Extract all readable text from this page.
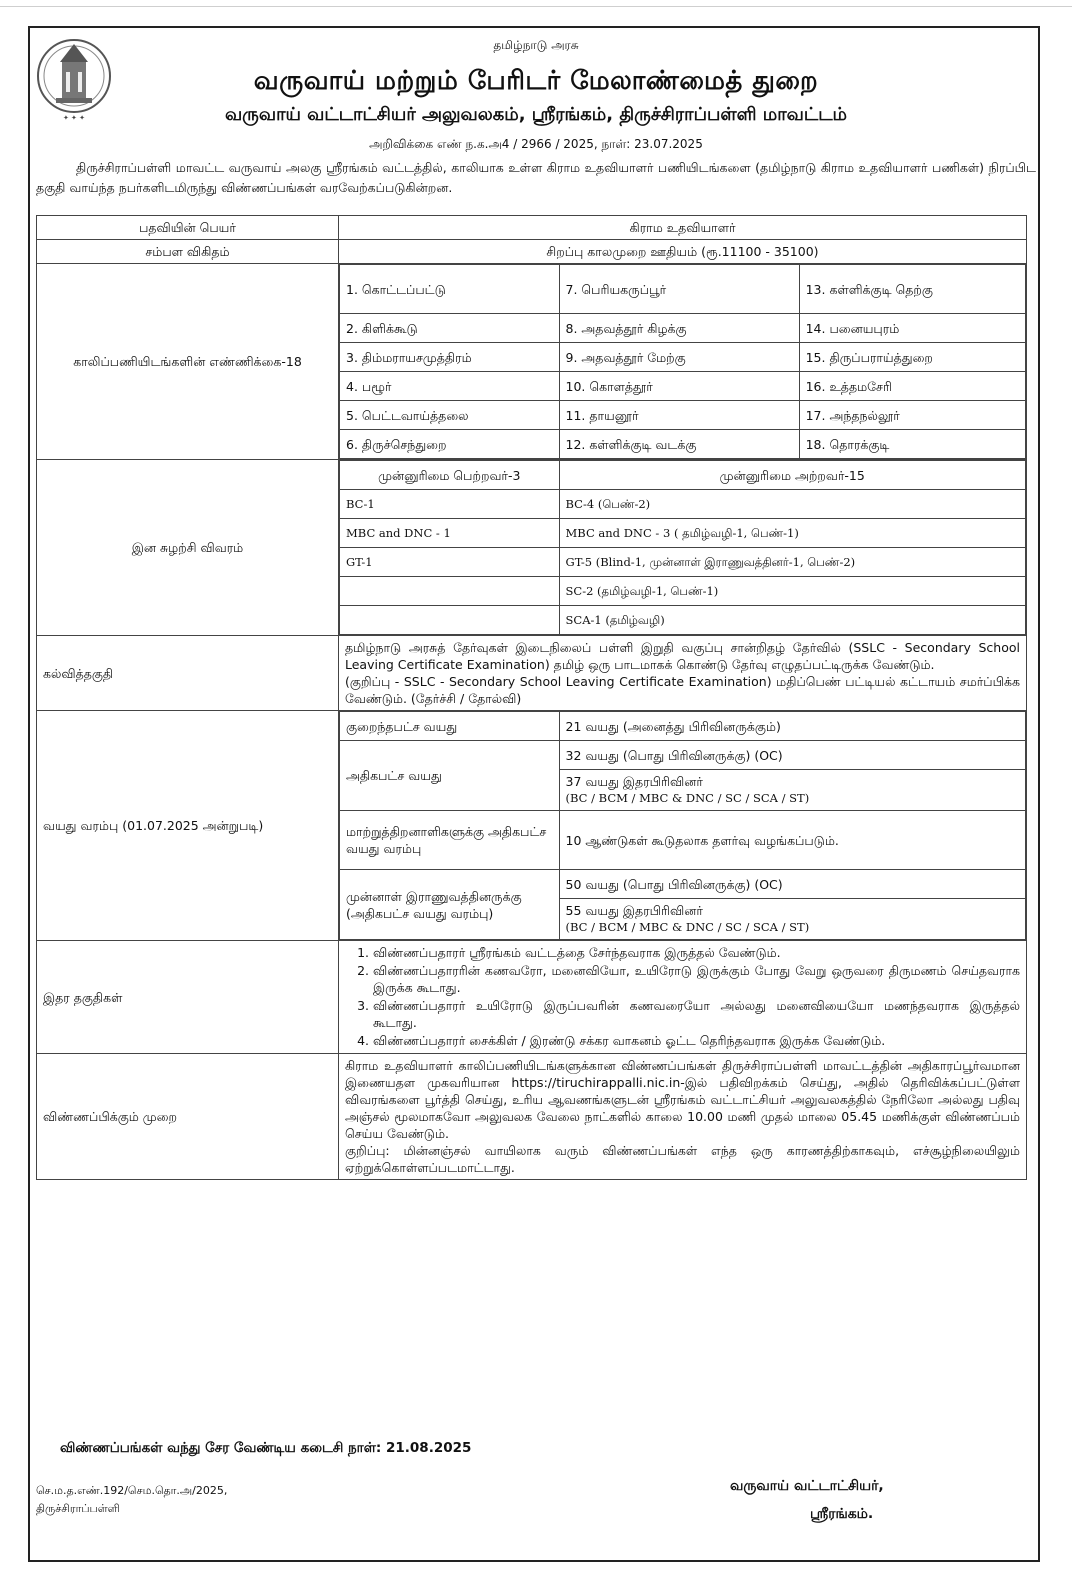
✦ ✦ ✦
தமிழ்நாடு அரசு
வருவாய் மற்றும் பேரிடர் மேலாண்மைத் துறை
வருவாய் வட்டாட்சியர் அலுவலகம், ஸ்ரீரங்கம், திருச்சிராப்பள்ளி மாவட்டம்
அறிவிக்கை எண் ந.க.அ4 / 2966 / 2025, நாள்: 23.07.2025
திருச்சிராப்பள்ளி மாவட்ட வருவாய் அலகு ஸ்ரீரங்கம் வட்டத்தில், காலியாக உள்ள கிராம உதவியாளர் பணியிடங்களை (தமிழ்நாடு கிராம உதவியாளர் பணிகள்) நிரப்பிட தகுதி வாய்ந்த நபர்களிடமிருந்து விண்ணப்பங்கள் வரவேற்கப்படுகின்றன.
பதவியின் பெயர்	கிராம உதவியாளர்
சம்பள விகிதம்	சிறப்பு காலமுறை ஊதியம் (ரூ.11100 - 35100)
காலிப்பணியிடங்களின் எண்ணிக்கை-18	
1. கொட்டப்பட்டு	7. பெரியகருப்பூர்	13. கள்ளிக்குடி தெற்கு
2. கிளிக்கூடு	8. அதவத்தூர் கிழக்கு	14. பனையபுரம்
3. திம்மராயசமுத்திரம்	9. அதவத்தூர் மேற்கு	15. திருப்பராய்த்துறை
4. பழூர்	10. கொளத்தூர்	16. உத்தமசேரி
5. பெட்டவாய்த்தலை	11. தாயனூர்	17. அந்தநல்லூர்
6. திருச்செந்துறை	12. கள்ளிக்குடி வடக்கு	18. தொரக்குடி

இன சுழற்சி விவரம்	
முன்னுரிமை பெற்றவர்-3	முன்னுரிமை அற்றவர்-15
BC-1	BC-4 (பெண்-2)
MBC and DNC - 1	MBC and DNC - 3 ( தமிழ்வழி-1, பெண்-1)
GT-1	GT-5 (Blind-1, முன்னாள் இராணுவத்தினர்-1, பெண்-2)
	SC-2 (தமிழ்வழி-1, பெண்-1)
	SCA-1 (தமிழ்வழி)

கல்வித்தகுதி	
தமிழ்நாடு அரசுத் தேர்வுகள் இடைநிலைப் பள்ளி இறுதி வகுப்பு சான்றிதழ் தேர்வில் (SSLC - Secondary School Leaving Certificate Examination) தமிழ் ஒரு பாடமாகக் கொண்டு தேர்வு எழுதப்பட்டிருக்க வேண்டும்.
(குறிப்பு - SSLC - Secondary School Leaving Certificate Examination) மதிப்பெண் பட்டியல் கட்டாயம் சமர்ப்பிக்க வேண்டும். (தேர்ச்சி / தோல்வி)

வயது வரம்பு (01.07.2025 அன்றுபடி)	
குறைந்தபட்ச வயது	21 வயது (அனைத்து பிரிவினருக்கும்)
அதிகபட்ச வயது	32 வயது (பொது பிரிவினருக்கு) (OC)

37 வயது இதரபிரிவினர்
(BC / BCM / MBC & DNC / SC / SCA / ST)

மாற்றுத்திறனாளிகளுக்கு அதிகபட்ச வயது வரம்பு	10 ஆண்டுகள் கூடுதலாக தளர்வு வழங்கப்படும்.
முன்னாள் இராணுவத்தினருக்கு (அதிகபட்ச வயது வரம்பு)	50 வயது (பொது பிரிவினருக்கு) (OC)

55 வயது இதரபிரிவினர்
(BC / BCM / MBC & DNC / SC / SCA / ST)

இதர தகுதிகள்	
1. விண்ணப்பதாரர் ஸ்ரீரங்கம் வட்டத்தை சேர்ந்தவராக இருத்தல் வேண்டும்.
2. விண்ணப்பதாரரின் கணவரோ, மனைவியோ, உயிரோடு இருக்கும் போது வேறு ஒருவரை திருமணம் செய்தவராக இருக்க கூடாது.
3. விண்ணப்பதாரர் உயிரோடு இருப்பவரின் கணவரையோ அல்லது மனைவியையோ மணந்தவராக இருத்தல் கூடாது.
4. விண்ணப்பதாரர் சைக்கிள் / இரண்டு சக்கர வாகனம் ஓட்ட தெரிந்தவராக இருக்க வேண்டும்.

விண்ணப்பிக்கும் முறை	
கிராம உதவியாளர் காலிப்பணியிடங்களுக்கான விண்ணப்பங்கள் திருச்சிராப்பள்ளி மாவட்டத்தின் அதிகாரப்பூர்வமான இணையதள முகவரியான https://tiruchirappalli.nic.in-இல் பதிவிறக்கம் செய்து, அதில் தெரிவிக்கப்பட்டுள்ள விவரங்களை பூர்த்தி செய்து, உரிய ஆவணங்களுடன் ஸ்ரீரங்கம் வட்டாட்சியர் அலுவலகத்தில் நேரிலோ அல்லது பதிவு அஞ்சல் மூலமாகவோ அலுவலக வேலை நாட்களில் காலை 10.00 மணி முதல் மாலை 05.45 மணிக்குள் விண்ணப்பம் செய்ய வேண்டும்.
குறிப்பு: மின்னஞ்சல் வாயிலாக வரும் விண்ணப்பங்கள் எந்த ஒரு காரணத்திற்காகவும், எச்சூழ்நிலையிலும் ஏற்றுக்கொள்ளப்படமாட்டாது.
விண்ணப்பங்கள் வந்து சேர வேண்டிய கடைசி நாள்: 21.08.2025
செ.ம.த.எண்.192/செம.தொ.அ/2025,
திருச்சிராப்பள்ளி
வருவாய் வட்டாட்சியர்,
ஸ்ரீரங்கம்.
